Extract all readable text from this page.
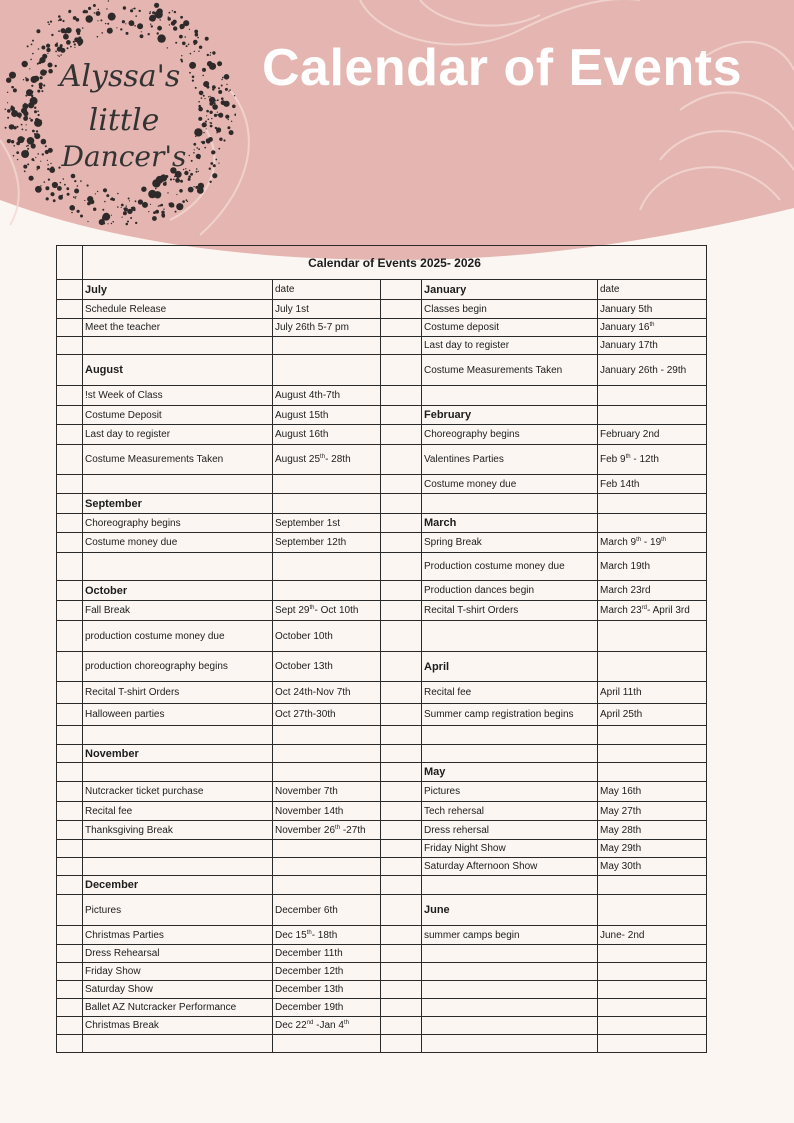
Alyssa's
little
Dancer's
Calendar of Events
	Calendar of Events 2025- 2026				
	July	date		January	date
	Schedule Release	July 1st		Classes begin	January 5th
	Meet the teacher	July 26th 5-7 pm		Costume deposit	January 16th
				Last day to register	January 17th
	August			Costume Measurements Taken	January 26th - 29th
	!st Week of Class	August 4th-7th			
	Costume Deposit	August 15th		February	
	Last day to register	August 16th		Choreography begins	February 2nd
	Costume Measurements Taken	August 25th- 28th		Valentines Parties	Feb 9th - 12th
				Costume money due	Feb 14th
	September				
	Choreography begins	September 1st		March	
	Costume money due	September 12th		Spring Break	March 9th - 19th
				Production costume money due	March 19th
	October			Production dances begin	March 23rd
	Fall Break	Sept 29th- Oct 10th		Recital T-shirt Orders	March 23rd- April 3rd
	production costume money due	October 10th			
	production choreography begins	October 13th		April	
	Recital T-shirt Orders	Oct 24th-Nov 7th		Recital fee	April 11th
	Halloween parties	Oct 27th-30th		Summer camp registration begins	April 25th

	November				
				May	
	Nutcracker ticket purchase	November 7th		Pictures	May 16th
	Recital fee	November 14th		Tech rehersal	May 27th
	Thanksgiving Break	November 26th -27th		Dress rehersal	May 28th
				Friday Night Show	May 29th
				Saturday Afternoon Show	May 30th
	December				
	Pictures	December 6th		June	
	Christmas Parties	Dec 15th- 18th		summer camps begin	June- 2nd
	Dress Rehearsal	December 11th			
	Friday Show	December 12th			
	Saturday Show	December 13th			
	Ballet AZ Nutcracker Performance	December 19th			
	Christmas Break	Dec 22nd -Jan 4th			
